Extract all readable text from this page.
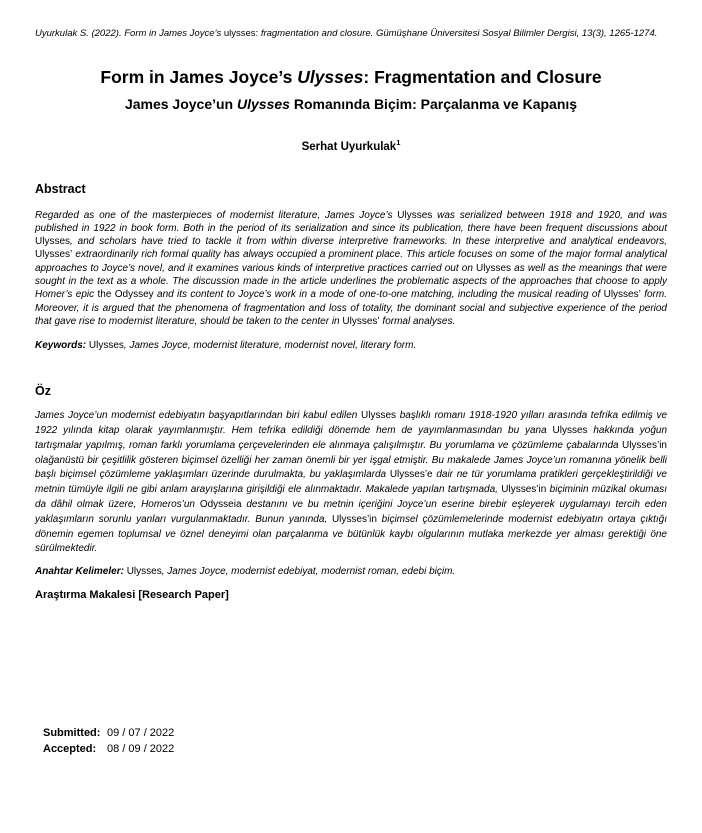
Uyurkulak S. (2022). Form in James Joyce’s ulysses: fragmentation and closure. Gümüşhane Üniversitesi Sosyal Bilimler Dergisi, 13(3), 1265-1274.

Form in James Joyce’s Ulysses: Fragmentation and Closure
James Joyce’un Ulysses Romanında Biçim: Parçalanma ve Kapanış

Serhat Uyurkulak$^1$

Abstract

Regarded as one of the masterpieces of modernist literature, James Joyce’s Ulysses was serialized between 1918 and 1920, and was published in 1922 in book form. Both in the period of its serialization and since its publication, there have been frequent discussions about Ulysses, and scholars have tried to tackle it from within diverse interpretive frameworks. In these interpretive and analytical endeavors, Ulysses’ extraordinarily rich formal quality has always occupied a prominent place. This article focuses on some of the major formal analytical approaches to Joyce’s novel, and it examines various kinds of interpretive practices carried out on Ulysses as well as the meanings that were sought in the text as a whole. The discussion made in the article underlines the problematic aspects of the approaches that choose to apply Homer’s epic the Odyssey and its content to Joyce’s work in a mode of one-to-one matching, including the musical reading of Ulysses’ form. Moreover, it is argued that the phenomena of fragmentation and loss of totality, the dominant social and subjective experience of the period that gave rise to modernist literature, should be taken to the center in Ulysses’ formal analyses.

Keywords: Ulysses, James Joyce, modernist literature, modernist novel, literary form.

Öz

James Joyce’un modernist edebiyatın başyapıtlarından biri kabul edilen Ulysses başlıklı romanı 1918-1920 yılları arasında tefrika edilmiş ve 1922 yılında kitap olarak yayımlanmıştır. Hem tefrika edildiği dönemde hem de yayımlanmasından bu yana Ulysses hakkında yoğun tartışmalar yapılmış, roman farklı yorumlama çerçevelerinden ele alınmaya çalışılmıştır. Bu yorumlama ve çözümleme çabalarında Ulysses’in olağanüstü bir çeşitlilik gösteren biçimsel özelliği her zaman önemli bir yer işgal etmiştir. Bu makalede James Joyce’un romanına yönelik belli başlı biçimsel çözümleme yaklaşımları üzerinde durulmakta, bu yaklaşımlarda Ulysses’e dair ne tür yorumlama pratikleri gerçekleştirildiği ve metnin tümüyle ilgili ne gibi anlam arayışlarına girişildiği ele alınmaktadır. Makalede yapılan tartışmada, Ulysses’in biçiminin müzikal okuması da dâhil olmak üzere, Homeros’un Odysseia destanını ve bu metnin içeriğini Joyce’un eserine birebir eşleyerek uygulamayı tercih eden yaklaşımların sorunlu yanları vurgulanmaktadır. Bunun yanında, Ulysses’in biçimsel çözümlemelerinde modernist edebiyatın ortaya çıktığı dönemin egemen toplumsal ve öznel deneyimi olan parçalanma ve bütünlük kaybı olgularının mutlaka merkezde yer alması gerektiği öne sürülmektedir.

Anahtar Kelimeler: Ulysses, James Joyce, modernist edebiyat, modernist roman, edebi biçim.

Araştırma Makalesi [Research Paper]

Submitted: 09 / 07 / 2022
Accepted: 08 / 09 / 2022
